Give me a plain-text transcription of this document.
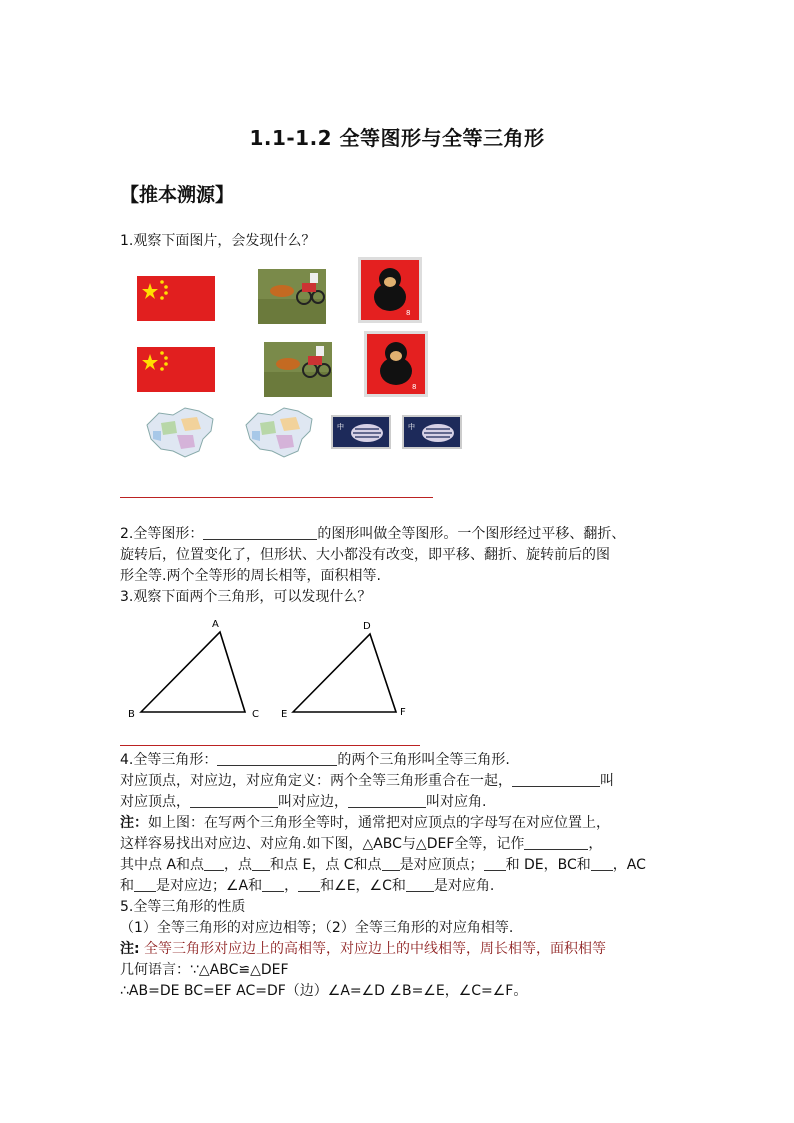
1.1-1.2 全等图形与全等三角形
【推本溯源】
1.观察下面图片，会发现什么？
8
8
中	中
2.全等图形：	的图形叫做全等图形。一个图形经过平移、翻折、
旋转后，位置变化了，但形状、大小都没有改变，即平移、翻折、旋转前后的图
形全等.两个全等形的周长相等，面积相等.
3.观察下面两个三角形，可以发现什么？
A
B	C
D
E	F
4.全等三角形：	的两个三角形叫全等三角形.
对应顶点，对应边，对应角定义：两个全等三角形重合在一起，	叫
对应顶点，	叫对应边，	叫对应角.
注：如上图：在写两个三角形全等时，通常把对应顶点的字母写在对应位置上，
这样容易找出对应边、对应角.如下图，△ABC与△DEF全等，记作	，
其中点 A和点 ，点 和点 E，点 C和点 是对应顶点； 和 DE，BC和 ，AC
和 是对应边；∠A和 ， 和∠E，∠C和 是对应角.
5.全等三角形的性质
（1）全等三角形的对应边相等；（2）全等三角形的对应角相等.
注: 全等三角形对应边上的高相等，对应边上的中线相等，周长相等，面积相等
几何语言：∵△ABC≌△DEF
∴AB=DE BC=EF AC=DF（边）∠A=∠D ∠B=∠E，∠C=∠F。
